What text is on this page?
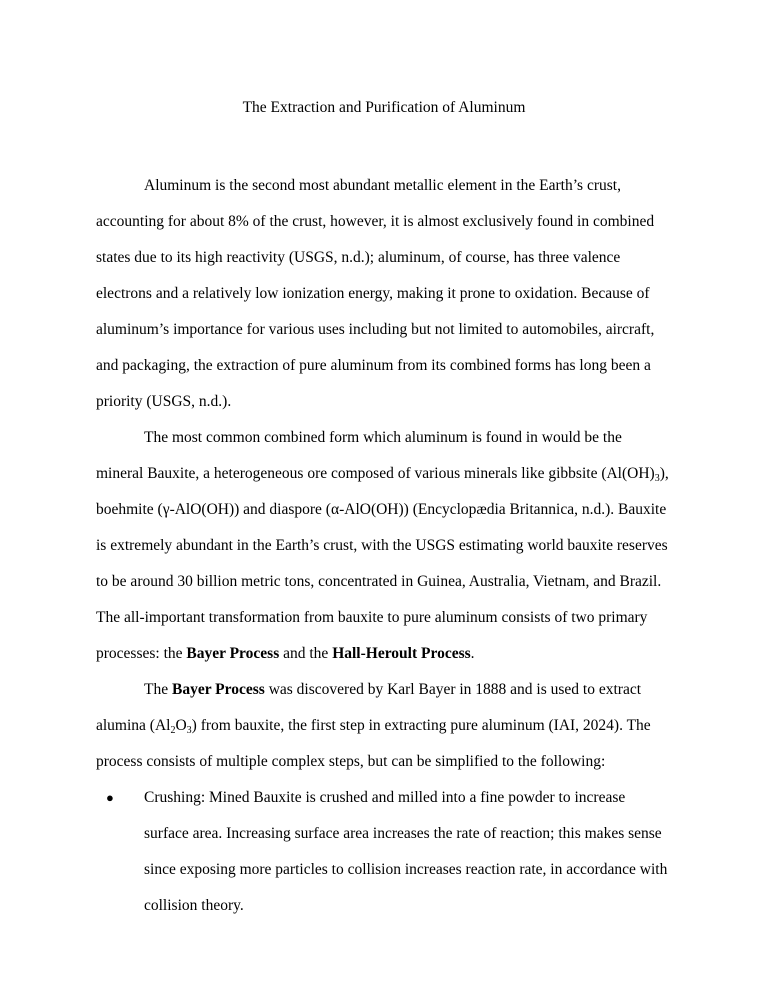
The Extraction and Purification of Aluminum

Aluminum is the second most abundant metallic element in the Earth’s crust, accounting for about 8% of the crust, however, it is almost exclusively found in combined states due to its high reactivity (USGS, n.d.); aluminum, of course, has three valence electrons and a relatively low ionization energy, making it prone to oxidation. Because of aluminum’s importance for various uses including but not limited to automobiles, aircraft, and packaging, the extraction of pure aluminum from its combined forms has long been a priority (USGS, n.d.).

The most common combined form which aluminum is found in would be the mineral Bauxite, a heterogeneous ore composed of various minerals like gibbsite $(Al(OH)_3)$, boehmite (γ-AlO(OH)) and diaspore (α-AlO(OH)) (Encyclopædia Britannica, n.d.). Bauxite is extremely abundant in the Earth’s crust, with the USGS estimating world bauxite reserves to be around 30 billion metric tons, concentrated in Guinea, Australia, Vietnam, and Brazil. The all-important transformation from bauxite to pure aluminum consists of two primary processes: the Bayer Process and the Hall-Heroult Process.

The Bayer Process was discovered by Karl Bayer in 1888 and is used to extract alumina $(Al_2O_3)$ from bauxite, the first step in extracting pure aluminum (IAI, 2024). The process consists of multiple complex steps, but can be simplified to the following:

● Crushing: Mined Bauxite is crushed and milled into a fine powder to increase surface area. Increasing surface area increases the rate of reaction; this makes sense since exposing more particles to collision increases reaction rate, in accordance with collision theory.
